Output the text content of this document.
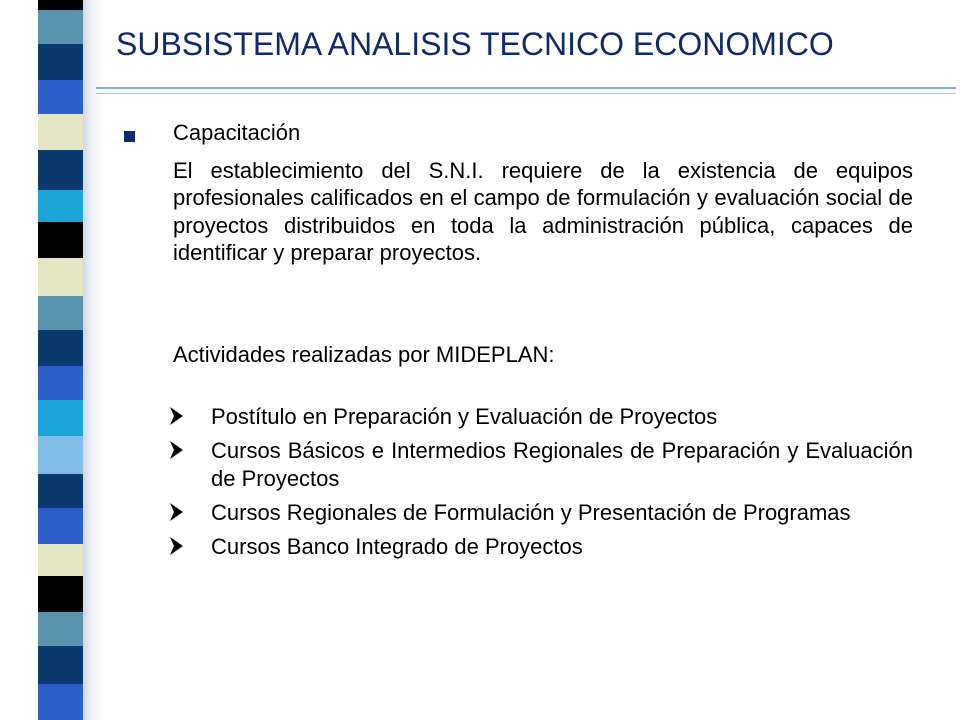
SUBSISTEMA ANALISIS TECNICO ECONOMICO
Capacitación
El establecimiento del S.N.I. requiere de la existencia de equipos profesionales calificados en el campo de formulación y evaluación social de proyectos distribuidos en toda la administración pública, capaces de identificar y preparar proyectos.
Actividades realizadas por MIDEPLAN:
Postítulo en Preparación y Evaluación de Proyectos
Cursos Básicos e Intermedios Regionales de Preparación y Evaluación de Proyectos
Cursos Regionales de Formulación y Presentación de Programas
Cursos Banco Integrado de Proyectos
